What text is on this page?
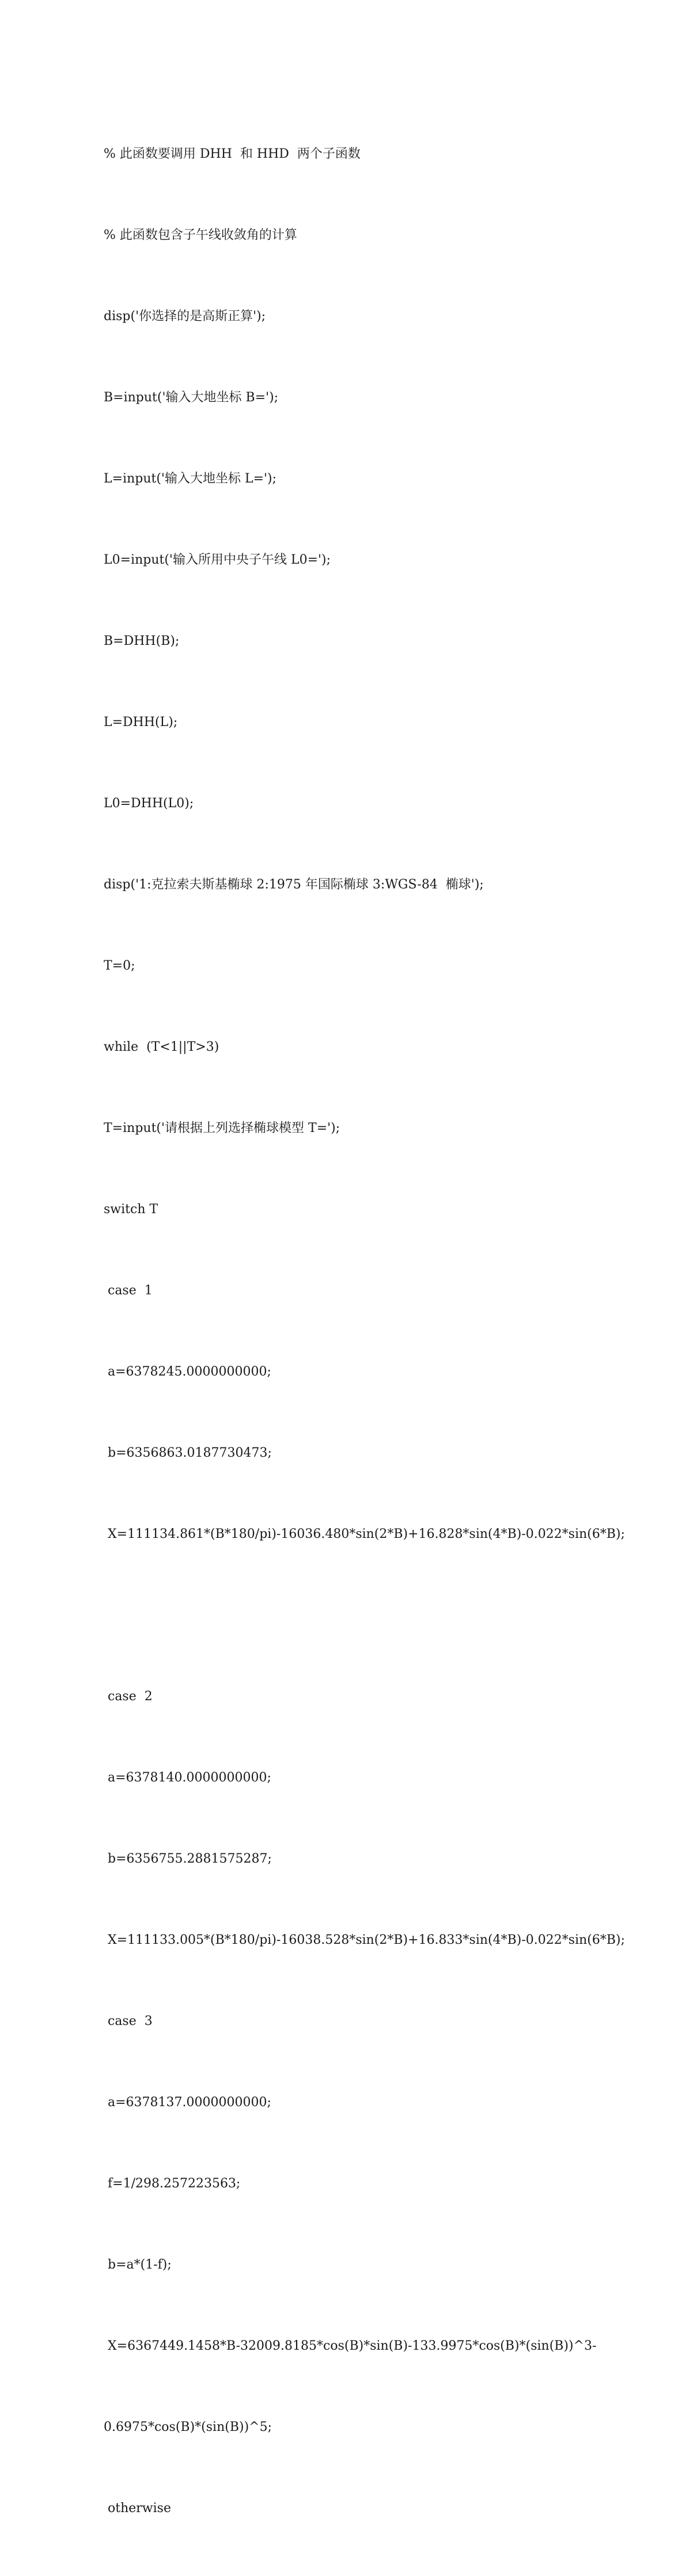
% 此函数要调用 DHH  和 HHD  两个子函数

% 此函数包含子午线收敛角的计算

disp('你选择的是高斯正算');

B=input('输入大地坐标 B=');

L=input('输入大地坐标 L=');

L0=input('输入所用中央子午线 L0=');

B=DHH(B);

L=DHH(L);

L0=DHH(L0);

disp('1:克拉索夫斯基椭球 2:1975 年国际椭球 3:WGS-84  椭球');

T=0;

while  (T<1||T>3)

T=input('请根据上列选择椭球模型 T=');

switch T

case  1

a=6378245.0000000000;

b=6356863.0187730473;

X=111134.861*(B*180/pi)-16036.480*sin(2*B)+16.828*sin(4*B)-0.022*sin(6*B);

case  2

a=6378140.0000000000;

b=6356755.2881575287;

X=111133.005*(B*180/pi)-16038.528*sin(2*B)+16.833*sin(4*B)-0.022*sin(6*B);

case  3

a=6378137.0000000000;

f=1/298.257223563;

b=a*(1-f);

X=6367449.1458*B-32009.8185*cos(B)*sin(B)-133.9975*cos(B)*(sin(B))^3-

0.6975*cos(B)*(sin(B))^5;

otherwise
